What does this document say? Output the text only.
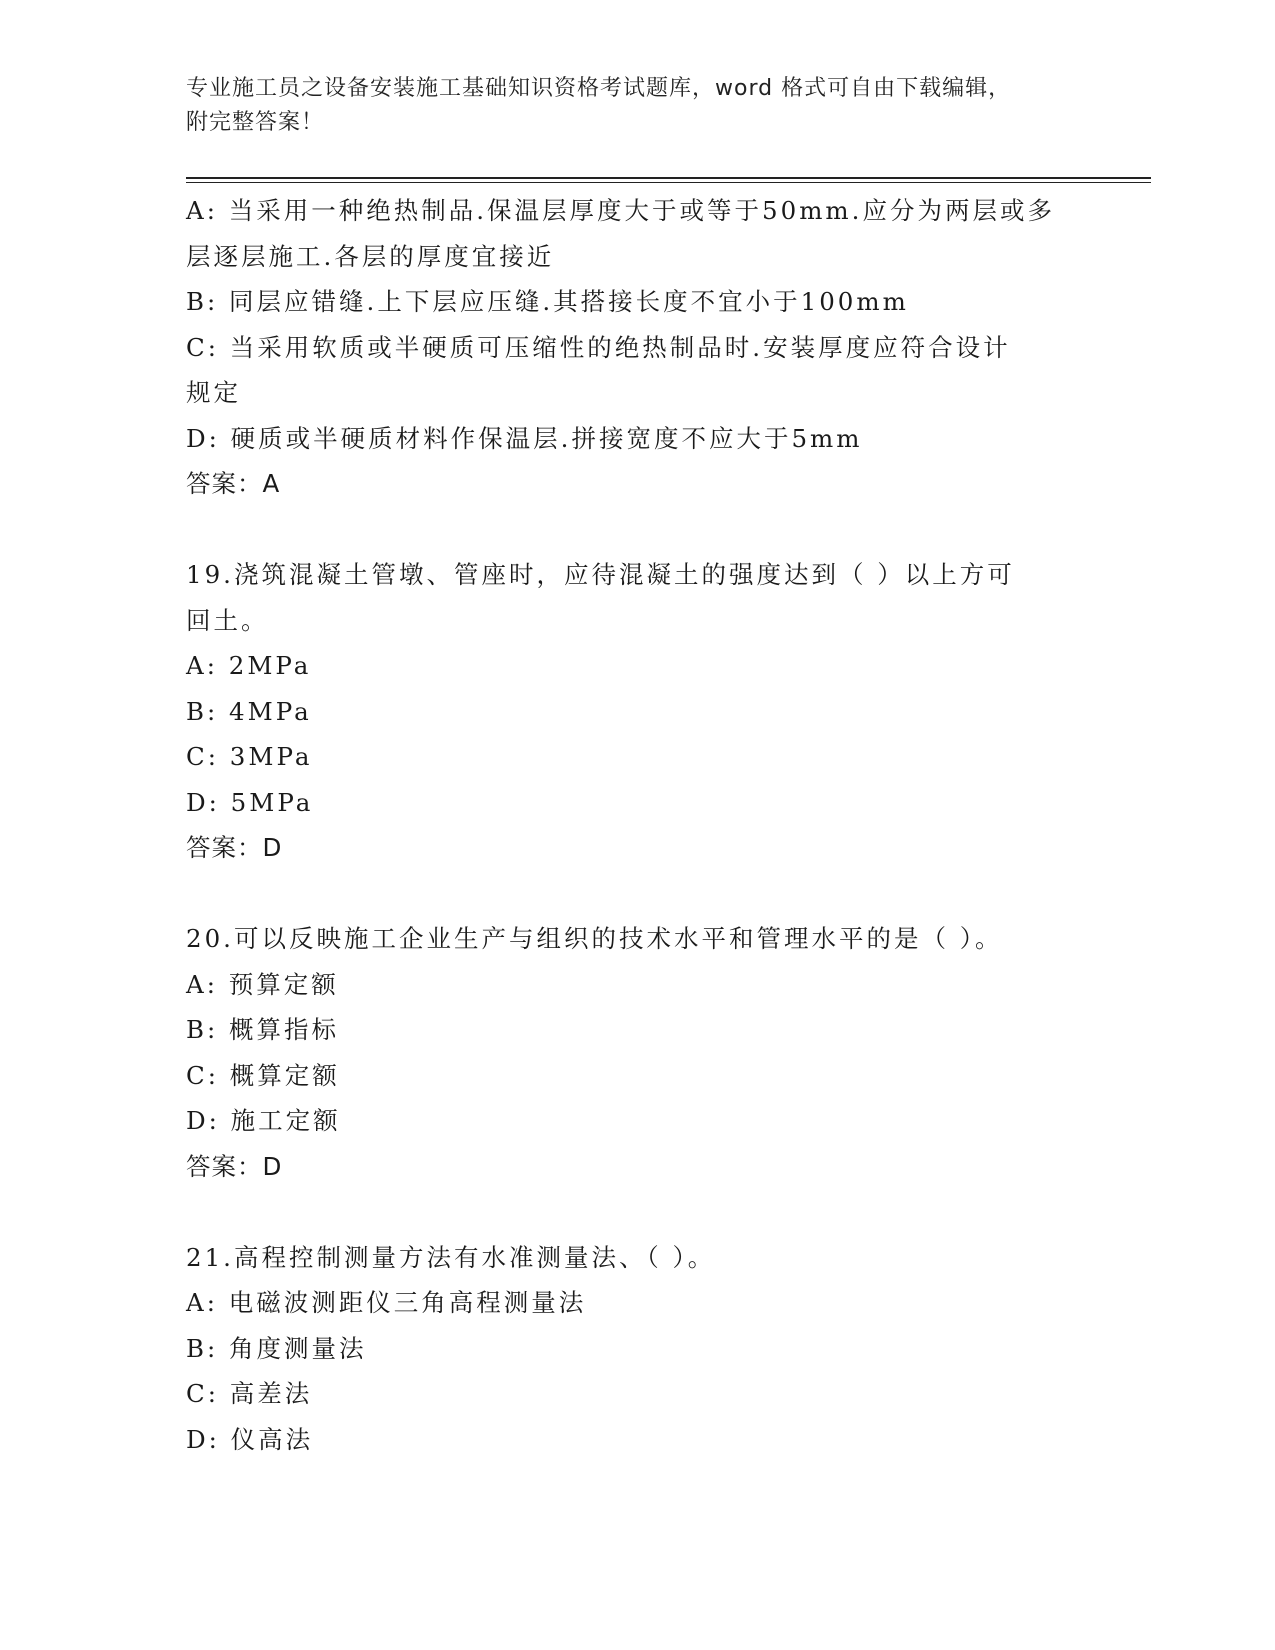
专业施工员之设备安装施工基础知识资格考试题库，word 格式可自由下载编辑，
附完整答案！
A: 当采用一种绝热制品.保温层厚度大于或等于50mm.应分为两层或多
层逐层施工.各层的厚度宜接近
B: 同层应错缝.上下层应压缝.其搭接长度不宜小于100mm
C: 当采用软质或半硬质可压缩性的绝热制品时.安装厚度应符合设计
规定
D: 硬质或半硬质材料作保温层.拼接宽度不应大于5mm
答案：A
19.浇筑混凝土管墩、管座时，应待混凝土的强度达到（ ）以上方可
回土。
A: 2MPa
B: 4MPa
C: 3MPa
D: 5MPa
答案：D
20.可以反映施工企业生产与组织的技术水平和管理水平的是（ ）。
A: 预算定额
B: 概算指标
C: 概算定额
D: 施工定额
答案：D
21.高程控制测量方法有水准测量法、（ ）。
A: 电磁波测距仪三角高程测量法
B: 角度测量法
C: 高差法
D: 仪高法
